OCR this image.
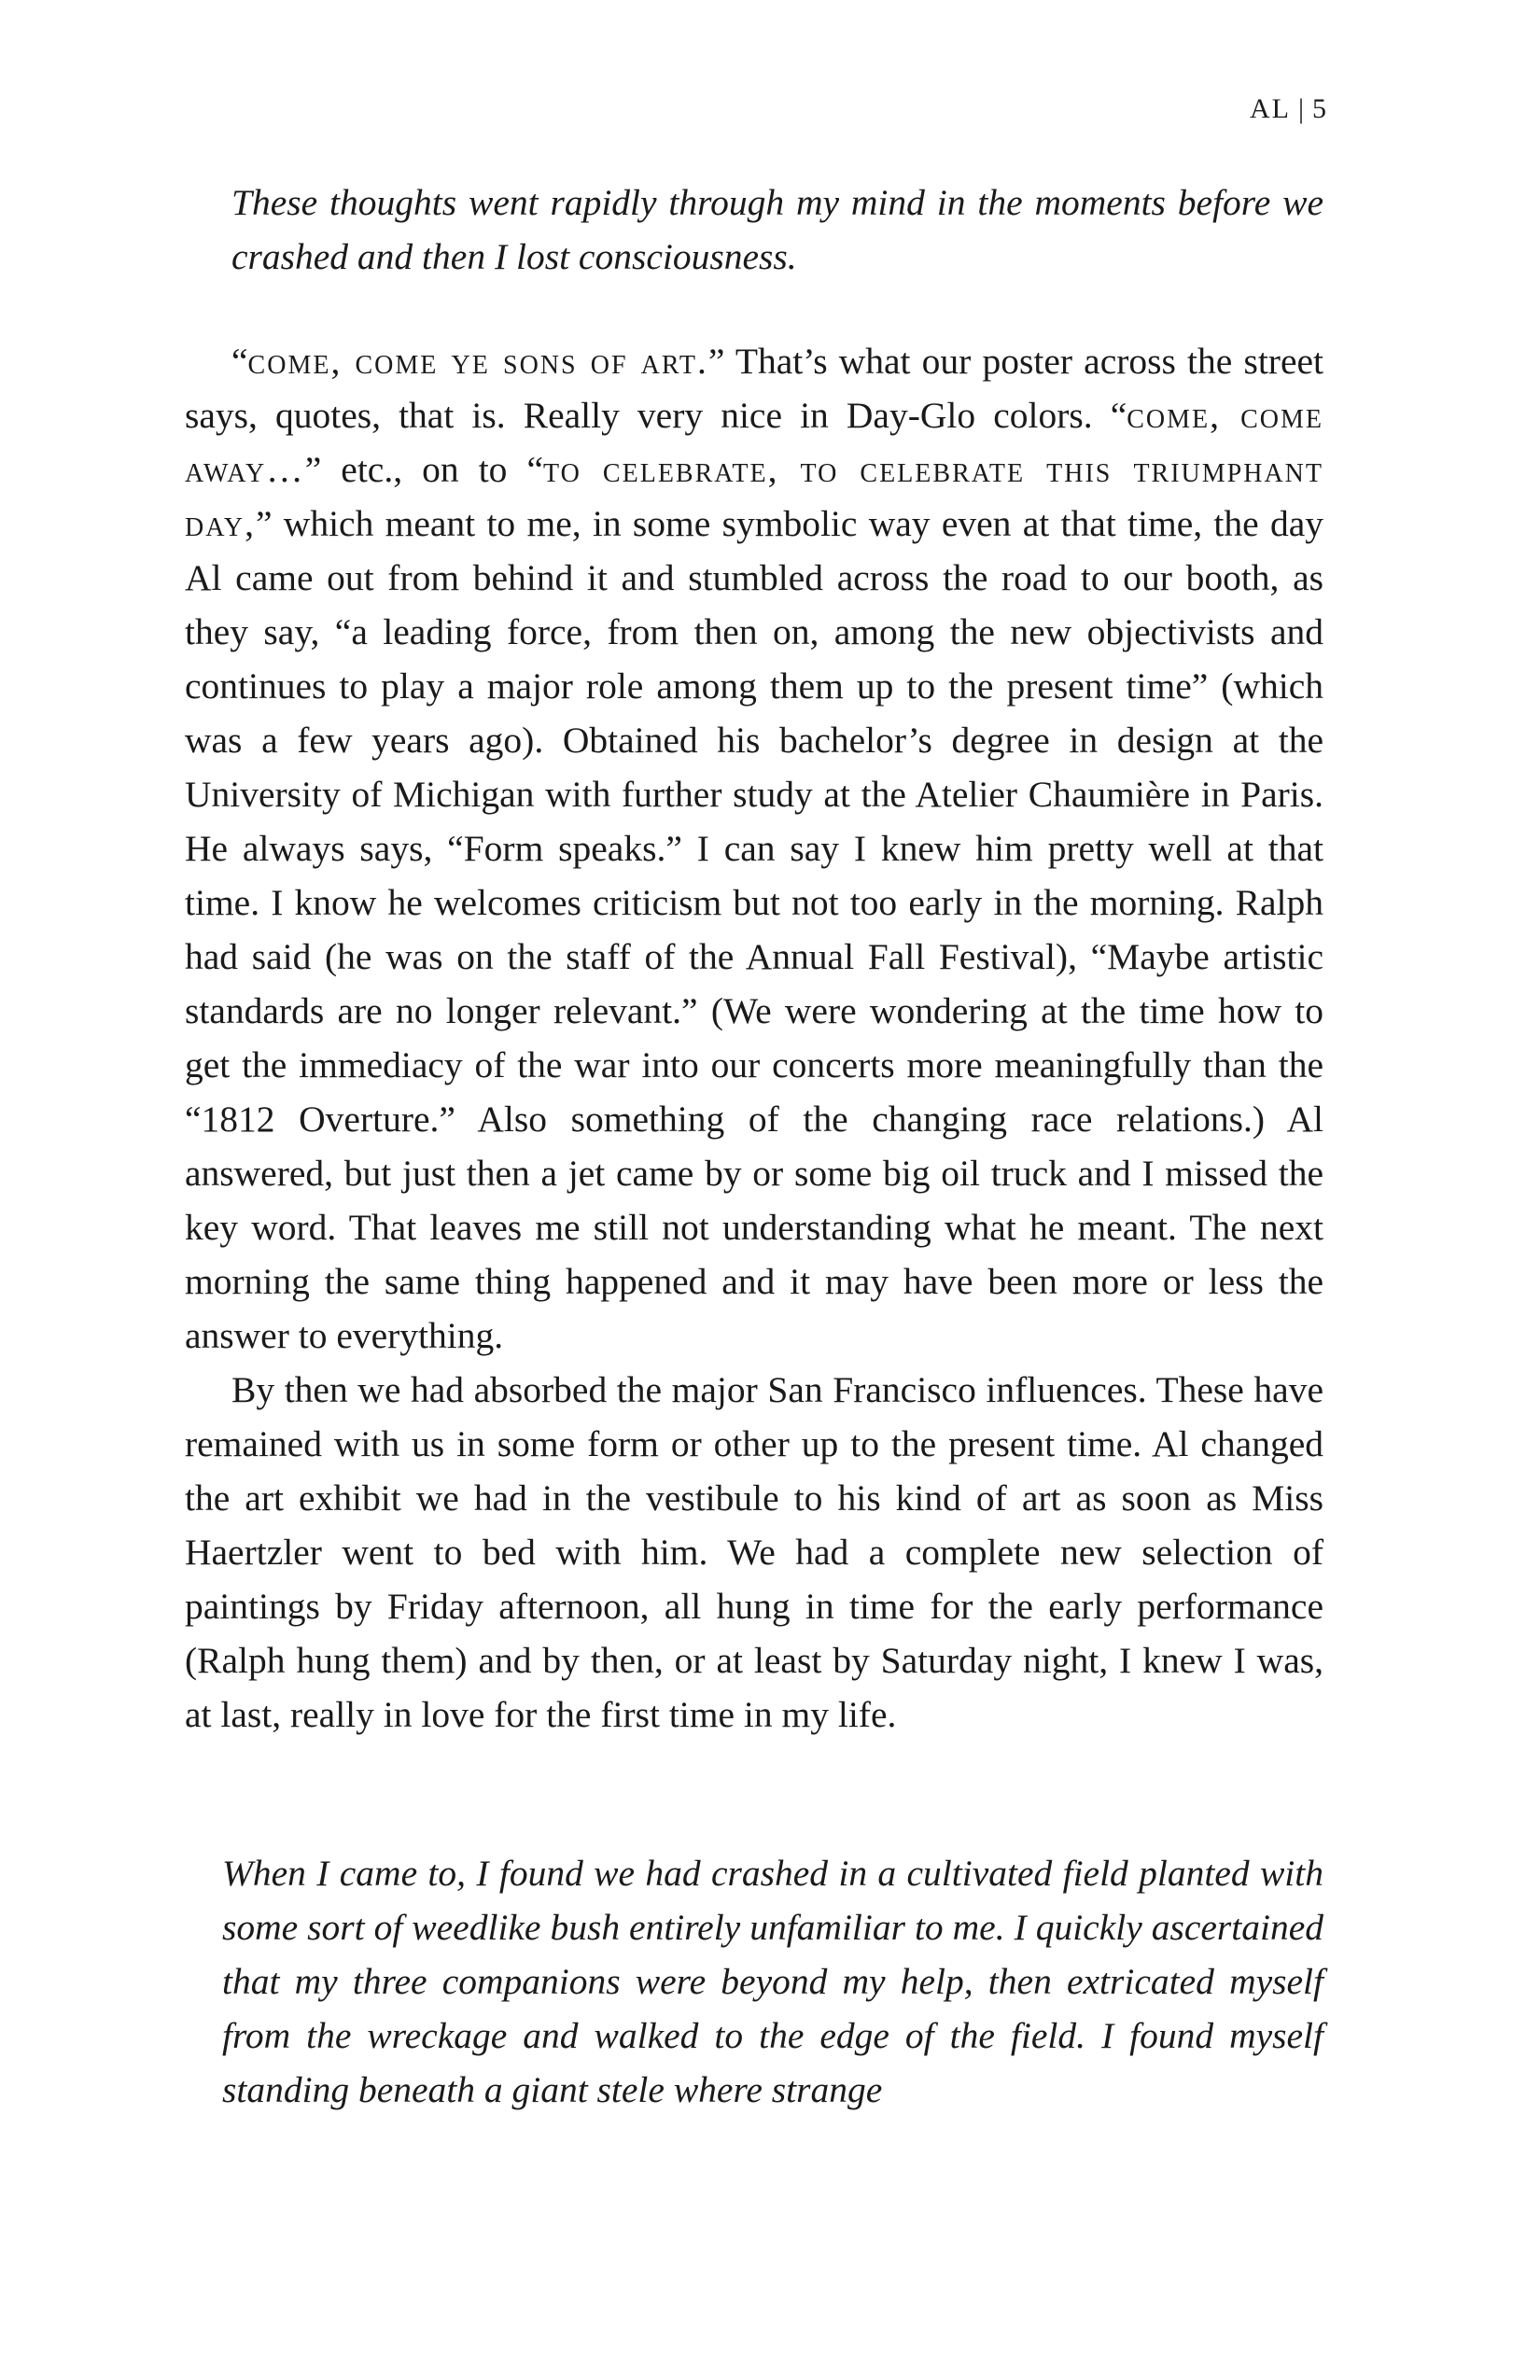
AL | 5

These thoughts went rapidly through my mind in the moments before we crashed and then I lost consciousness.

“come, come ye sons of art.” That’s what our poster across the street says, quotes, that is. Really very nice in Day-Glo colors. “come, come away…” etc., on to “to celebrate, to celebrate this triumphant day,” which meant to me, in some symbolic way even at that time, the day Al came out from behind it and stumbled across the road to our booth, as they say, “a leading force, from then on, among the new objectivists and continues to play a major role among them up to the present time” (which was a few years ago). Obtained his bachelor’s degree in design at the University of Michigan with further study at the Atelier Chaumière in Paris. He always says, “Form speaks.” I can say I knew him pretty well at that time. I know he welcomes criticism but not too early in the morning. Ralph had said (he was on the staff of the Annual Fall Festival), “Maybe artistic standards are no longer relevant.” (We were wondering at the time how to get the immediacy of the war into our concerts more meaningfully than the “1812 Overture.” Also something of the changing race relations.) Al answered, but just then a jet came by or some big oil truck and I missed the key word. That leaves me still not understanding what he meant. The next morning the same thing happened and it may have been more or less the answer to everything.

By then we had absorbed the major San Francisco influences. These have remained with us in some form or other up to the present time. Al changed the art exhibit we had in the vestibule to his kind of art as soon as Miss Haertzler went to bed with him. We had a complete new selection of paintings by Friday afternoon, all hung in time for the early performance (Ralph hung them) and by then, or at least by Saturday night, I knew I was, at last, really in love for the first time in my life.

When I came to, I found we had crashed in a cultivated field planted with some sort of weedlike bush entirely unfamiliar to me. I quickly ascertained that my three companions were beyond my help, then extricated myself from the wreckage and walked to the edge of the field. I found myself standing beneath a giant stele where strange
